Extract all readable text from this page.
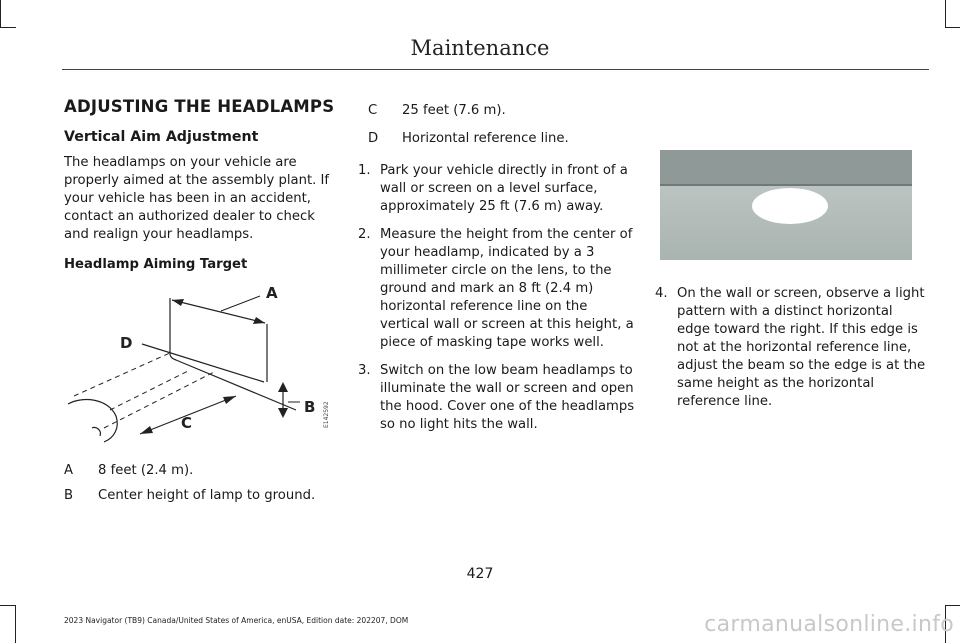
Maintenance
ADJUSTING THE HEADLAMPS
Vertical Aim Adjustment

The headlamps on your vehicle are properly aimed at the assembly plant. If your vehicle has been in an accident, contact an authorized dealer to check and realign your headlamps.

Headlamp Aiming Target
A
B
C
D
E142592
A	8 feet (2.4 m).
B	Center height of lamp to ground.
C	25 feet (7.6 m).
D	Horizontal reference line.
1. Park your vehicle directly in front of a wall or screen on a level surface, approximately 25 ft (7.6 m) away.
2. Measure the height from the center of your headlamp, indicated by a 3 millimeter circle on the lens, to the ground and mark an 8 ft (2.4 m) horizontal reference line on the vertical wall or screen at this height, a piece of masking tape works well.
3. Switch on the low beam headlamps to illuminate the wall or screen and open the hood. Cover one of the headlamps so no light hits the wall.
4. On the wall or screen, observe a light pattern with a distinct horizontal edge toward the right. If this edge is not at the horizontal reference line, adjust the beam so the edge is at the same height as the horizontal reference line.
427
2023 Navigator (TB9) Canada/United States of America, enUSA, Edition date: 202207, DOM	carmanualsonline.info
